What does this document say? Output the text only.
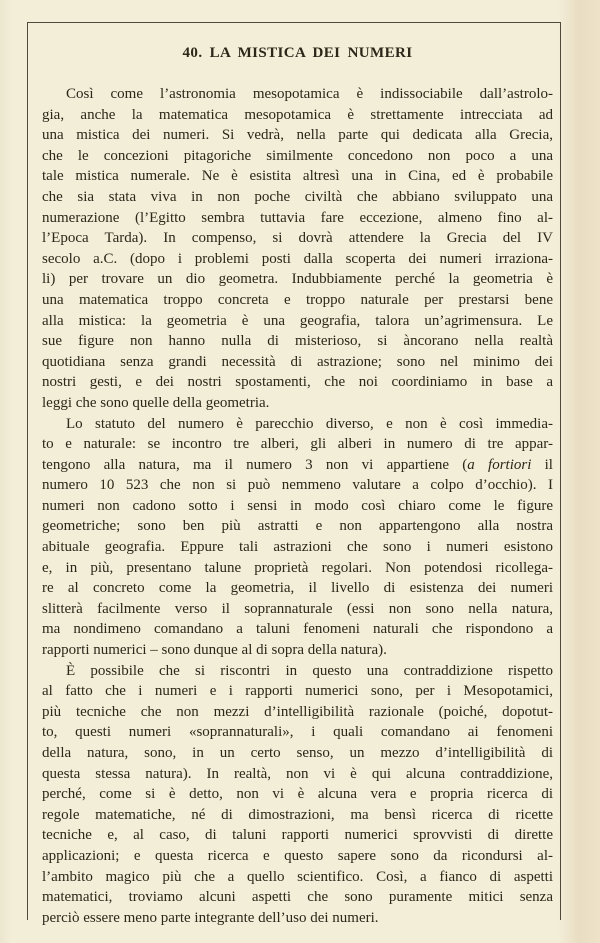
40. LA MISTICA DEI NUMERI
Così come l’astronomia mesopotamica è indissociabile dall’astrolo-
gia, anche la matematica mesopotamica è strettamente intrecciata ad
una mistica dei numeri. Si vedrà, nella parte qui dedicata alla Grecia,
che le concezioni pitagoriche similmente concedono non poco a una
tale mistica numerale. Ne è esistita altresì una in Cina, ed è probabile
che sia stata viva in non poche civiltà che abbiano sviluppato una
numerazione (l’Egitto sembra tuttavia fare eccezione, almeno fino al-
l’Epoca Tarda). In compenso, si dovrà attendere la Grecia del IV
secolo a.C. (dopo i problemi posti dalla scoperta dei numeri irraziona-
li) per trovare un dio geometra. Indubbiamente perché la geometria è
una matematica troppo concreta e troppo naturale per prestarsi bene
alla mistica: la geometria è una geografia, talora un’agrimensura. Le
sue figure non hanno nulla di misterioso, si àncorano nella realtà
quotidiana senza grandi necessità di astrazione; sono nel minimo dei
nostri gesti, e dei nostri spostamenti, che noi coordiniamo in base a
leggi che sono quelle della geometria.
Lo statuto del numero è parecchio diverso, e non è così immedia-
to e naturale: se incontro tre alberi, gli alberi in numero di tre appar-
tengono alla natura, ma il numero 3 non vi appartiene (a fortiori il
numero 10 523 che non si può nemmeno valutare a colpo d’occhio). I
numeri non cadono sotto i sensi in modo così chiaro come le figure
geometriche; sono ben più astratti e non appartengono alla nostra
abituale geografia. Eppure tali astrazioni che sono i numeri esistono
e, in più, presentano talune proprietà regolari. Non potendosi ricollega-
re al concreto come la geometria, il livello di esistenza dei numeri
slitterà facilmente verso il soprannaturale (essi non sono nella natura,
ma nondimeno comandano a taluni fenomeni naturali che rispondono a
rapporti numerici – sono dunque al di sopra della natura).
È possibile che si riscontri in questo una contraddizione rispetto
al fatto che i numeri e i rapporti numerici sono, per i Mesopotamici,
più tecniche che non mezzi d’intelligibilità razionale (poiché, dopotut-
to, questi numeri «soprannaturali», i quali comandano ai fenomeni
della natura, sono, in un certo senso, un mezzo d’intelligibilità di
questa stessa natura). In realtà, non vi è qui alcuna contraddizione,
perché, come si è detto, non vi è alcuna vera e propria ricerca di
regole matematiche, né di dimostrazioni, ma bensì ricerca di ricette
tecniche e, al caso, di taluni rapporti numerici sprovvisti di dirette
applicazioni; e questa ricerca e questo sapere sono da ricondursi al-
l’ambito magico più che a quello scientifico. Così, a fianco di aspetti
matematici, troviamo alcuni aspetti che sono puramente mitici senza
perciò essere meno parte integrante dell’uso dei numeri.
